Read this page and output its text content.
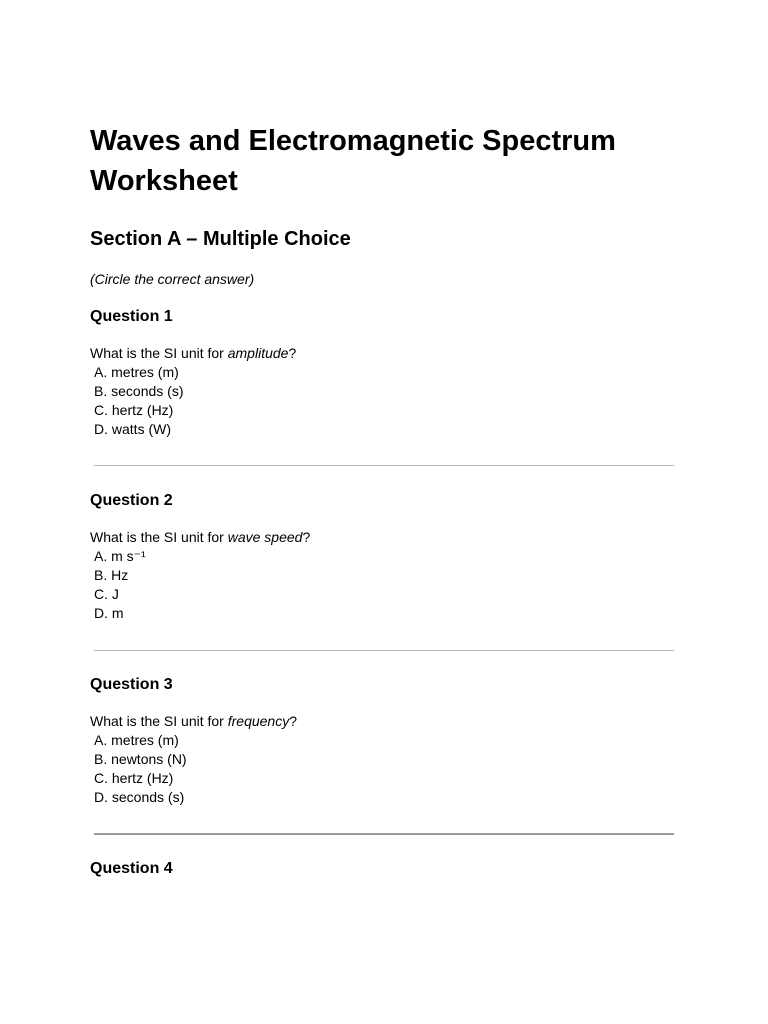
Waves and Electromagnetic Spectrum Worksheet
Section A – Multiple Choice

(Circle the correct answer)

Question 1

What is the SI unit for amplitude?

A. metres (m)
B. seconds (s)
C. hertz (Hz)
D. watts (W)
Question 2

What is the SI unit for wave speed?

A. m s⁻¹
B. Hz
C. J
D. m
Question 3

What is the SI unit for frequency?

A. metres (m)
B. newtons (N)
C. hertz (Hz)
D. seconds (s)
Question 4
